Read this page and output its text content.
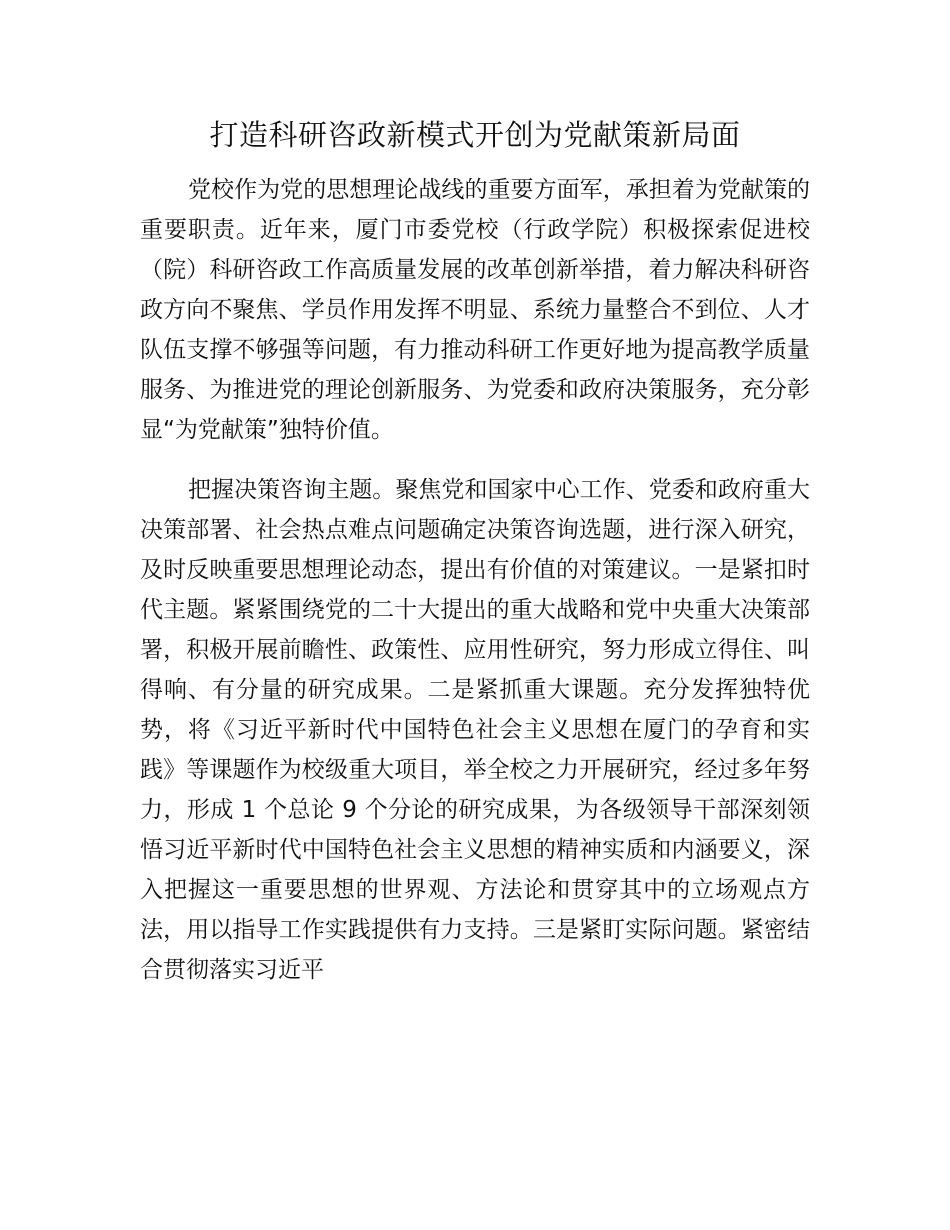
打造科研咨政新模式开创为党献策新局面

党校作为党的思想理论战线的重要方面军，承担着为党献策的重要职责。近年来，厦门市委党校（行政学院）积极探索促进校（院）科研咨政工作高质量发展的改革创新举措，着力解决科研咨政方向不聚焦、学员作用发挥不明显、系统力量整合不到位、人才队伍支撑不够强等问题，有力推动科研工作更好地为提高教学质量服务、为推进党的理论创新服务、为党委和政府决策服务，充分彰显“为党献策”独特价值。

把握决策咨询主题。聚焦党和国家中心工作、党委和政府重大决策部署、社会热点难点问题确定决策咨询选题，进行深入研究，及时反映重要思想理论动态，提出有价值的对策建议。一是紧扣时代主题。紧紧围绕党的二十大提出的重大战略和党中央重大决策部署，积极开展前瞻性、政策性、应用性研究，努力形成立得住、叫得响、有分量的研究成果。二是紧抓重大课题。充分发挥独特优势，将《习近平新时代中国特色社会主义思想在厦门的孕育和实践》等课题作为校级重大项目，举全校之力开展研究，经过多年努力，形成 1 个总论 9 个分论的研究成果，为各级领导干部深刻领悟习近平新时代中国特色社会主义思想的精神实质和内涵要义，深入把握这一重要思想的世界观、方法论和贯穿其中的立场观点方法，用以指导工作实践提供有力支持。三是紧盯实际问题。紧密结合贯彻落实习近平
